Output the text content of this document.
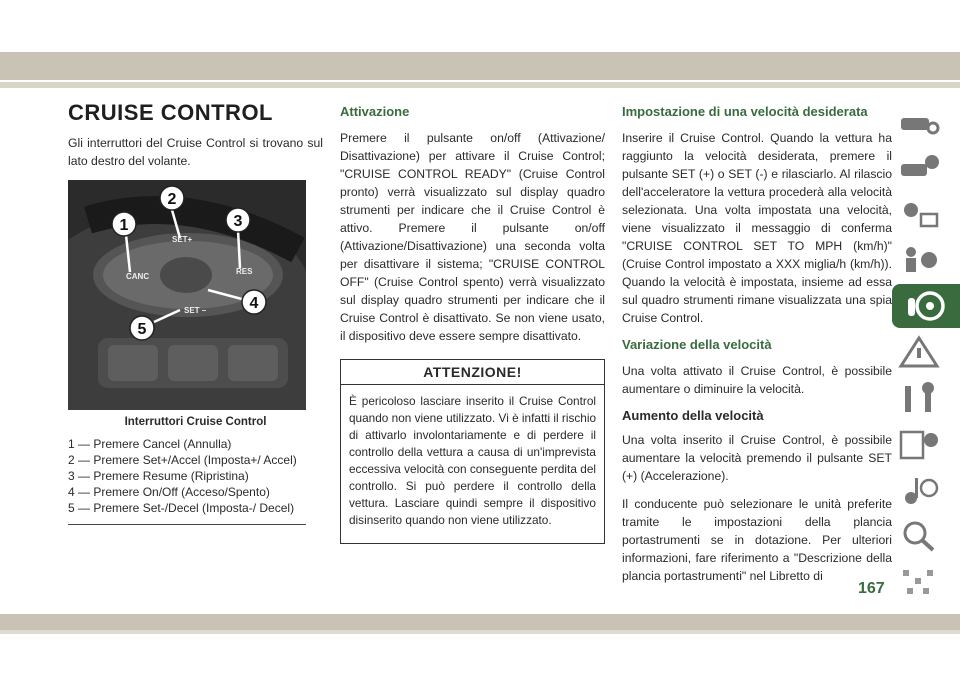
CRUISE CONTROL

Gli interruttori del Cruise Control si trovano sul lato destro del volante.

CANC
SET+
RES
SET –
1
2
3
4
5
Interruttori Cruise Control
1 — Premere Cancel (Annulla)
2 — Premere Set+/Accel (Imposta+/ Accel)
3 — Premere Resume (Ripristina)
4 — Premere On/Off (Acceso/Spento)
5 — Premere Set-/Decel (Imposta-/ Decel)
Attivazione

Premere il pulsante on/off (Attivazione/ Disattivazione) per attivare il Cruise Control; "CRUISE CONTROL READY" (Cruise Control pronto) verrà visualizzato sul display quadro strumenti per indicare che il Cruise Control è attivo. Premere il pulsante on/off (Attivazione/Disattivazione) una seconda volta per disattivare il sistema; "CRUISE CONTROL OFF" (Cruise Control spento) verrà visualizzato sul display quadro strumenti per indicare che il Cruise Control è disattivato. Se non viene usato, il dispositivo deve essere sempre disattivato.

ATTENZIONE!

È pericoloso lasciare inserito il Cruise Control quando non viene utilizzato. Vi è infatti il rischio di attivarlo involontariamente e di perdere il controllo della vettura a causa di un'imprevista eccessiva velocità con conseguente perdita del controllo. Si può perdere il controllo della vettura. Lasciare quindi sempre il dispositivo disinserito quando non viene utilizzato.

Impostazione di una velocità desiderata

Inserire il Cruise Control. Quando la vettura ha raggiunto la velocità desiderata, premere il pulsante SET (+) o SET (-) e rilasciarlo. Al rilascio dell'acceleratore la vettura procederà alla velocità selezionata. Una volta impostata una velocità, viene visualizzato il messaggio di conferma "CRUISE CONTROL SET TO MPH (km/h)" (Cruise Control impostato a XXX miglia/h (km/h)). Quando la velocità è impostata, insieme ad essa sul quadro strumenti rimane visualizzata una spia Cruise Control.

Variazione della velocità

Una volta attivato il Cruise Control, è possibile aumentare o diminuire la velocità.

Aumento della velocità

Una volta inserito il Cruise Control, è possibile aumentare la velocità premendo il pulsante SET (+) (Accelerazione).

Il conducente può selezionare le unità preferite tramite le impostazioni della plancia portastrumenti se in dotazione. Per ulteriori informazioni, fare riferimento a "Descrizione della plancia portastrumenti" nel Libretto di

167
